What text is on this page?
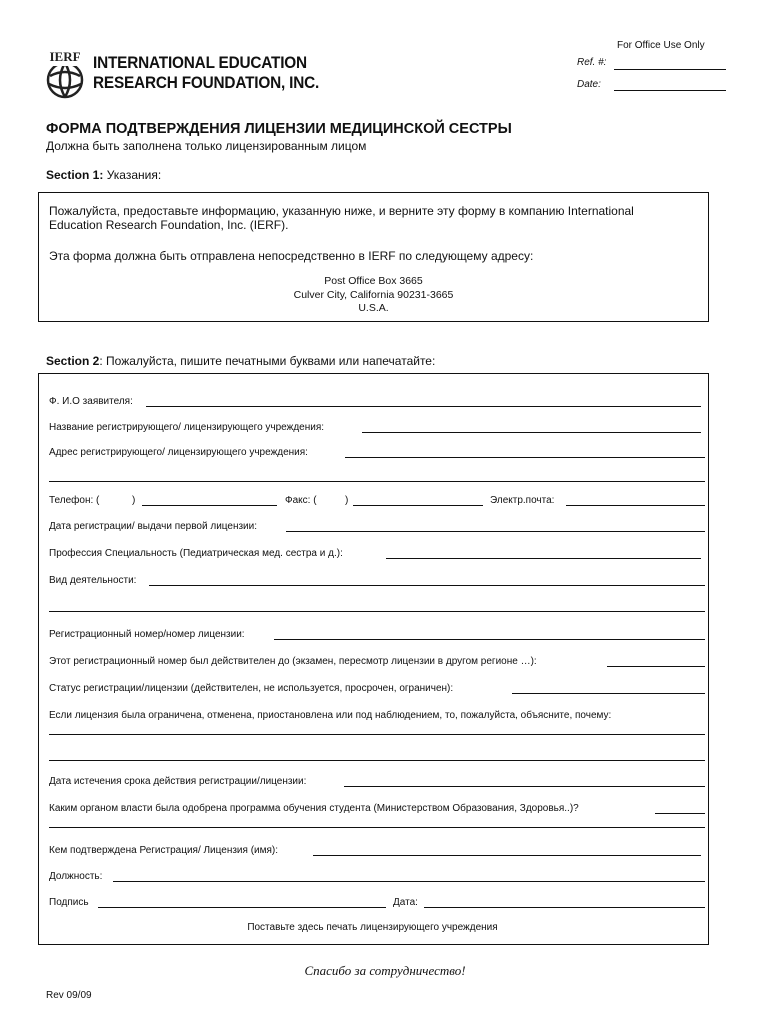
IERF INTERNATIONAL EDUCATION
RESEARCH FOUNDATION, INC.
For Office Use Only
Ref. #:
Date:
ФОРМА ПОДТВЕРЖДЕНИЯ ЛИЦЕНЗИИ МЕДИЦИНСКОЙ СЕСТРЫ
Должна быть заполнена только лицензированным лицом
Section 1: Указания:
Пожалуйста, предоставьте информацию, указанную ниже, и верните эту форму в компанию International
Education Research Foundation, Inc. (IERF).
Эта форма должна быть отправлена непосредственно в IERF по следующему адресу:
Post Office Box 3665
Culver City, California 90231-3665
U.S.A.
Section 2: Пожалуйста, пишите печатными буквами или напечатайте:
Ф. И.О заявителя:
Название регистрирующего/ лицензирующего учреждения:
Адрес регистрирующего/ лицензирующего учреждения:
Телефон: (	)	Факс: (	)	Электр.почта:
Дата регистрации/ выдачи первой лицензии:
Профессия Специальность (Педиатрическая мед. сестра и д.):
Вид деятельности:
Регистрационный номер/номер лицензии:
Этот регистрационный номер был действителен до (экзамен, пересмотр лицензии в другом регионе …):
Статус регистрации/лицензии (действителен, не используется, просрочен, ограничен):
Если лицензия была ограничена, отменена, приостановлена или под наблюдением, то, пожалуйста, объясните, почему:
Дата истечения срока действия регистрации/лицензии:
Каким органом власти была одобрена программа обучения студента (Министерством Образования, Здоровья..)?
Кем подтверждена Регистрация/ Лицензия (имя):
Должность:
Подпись	Дата:
Поставьте здесь печать лицензирующего учреждения
Спасибо за сотрудничество!
Rev 09/09
